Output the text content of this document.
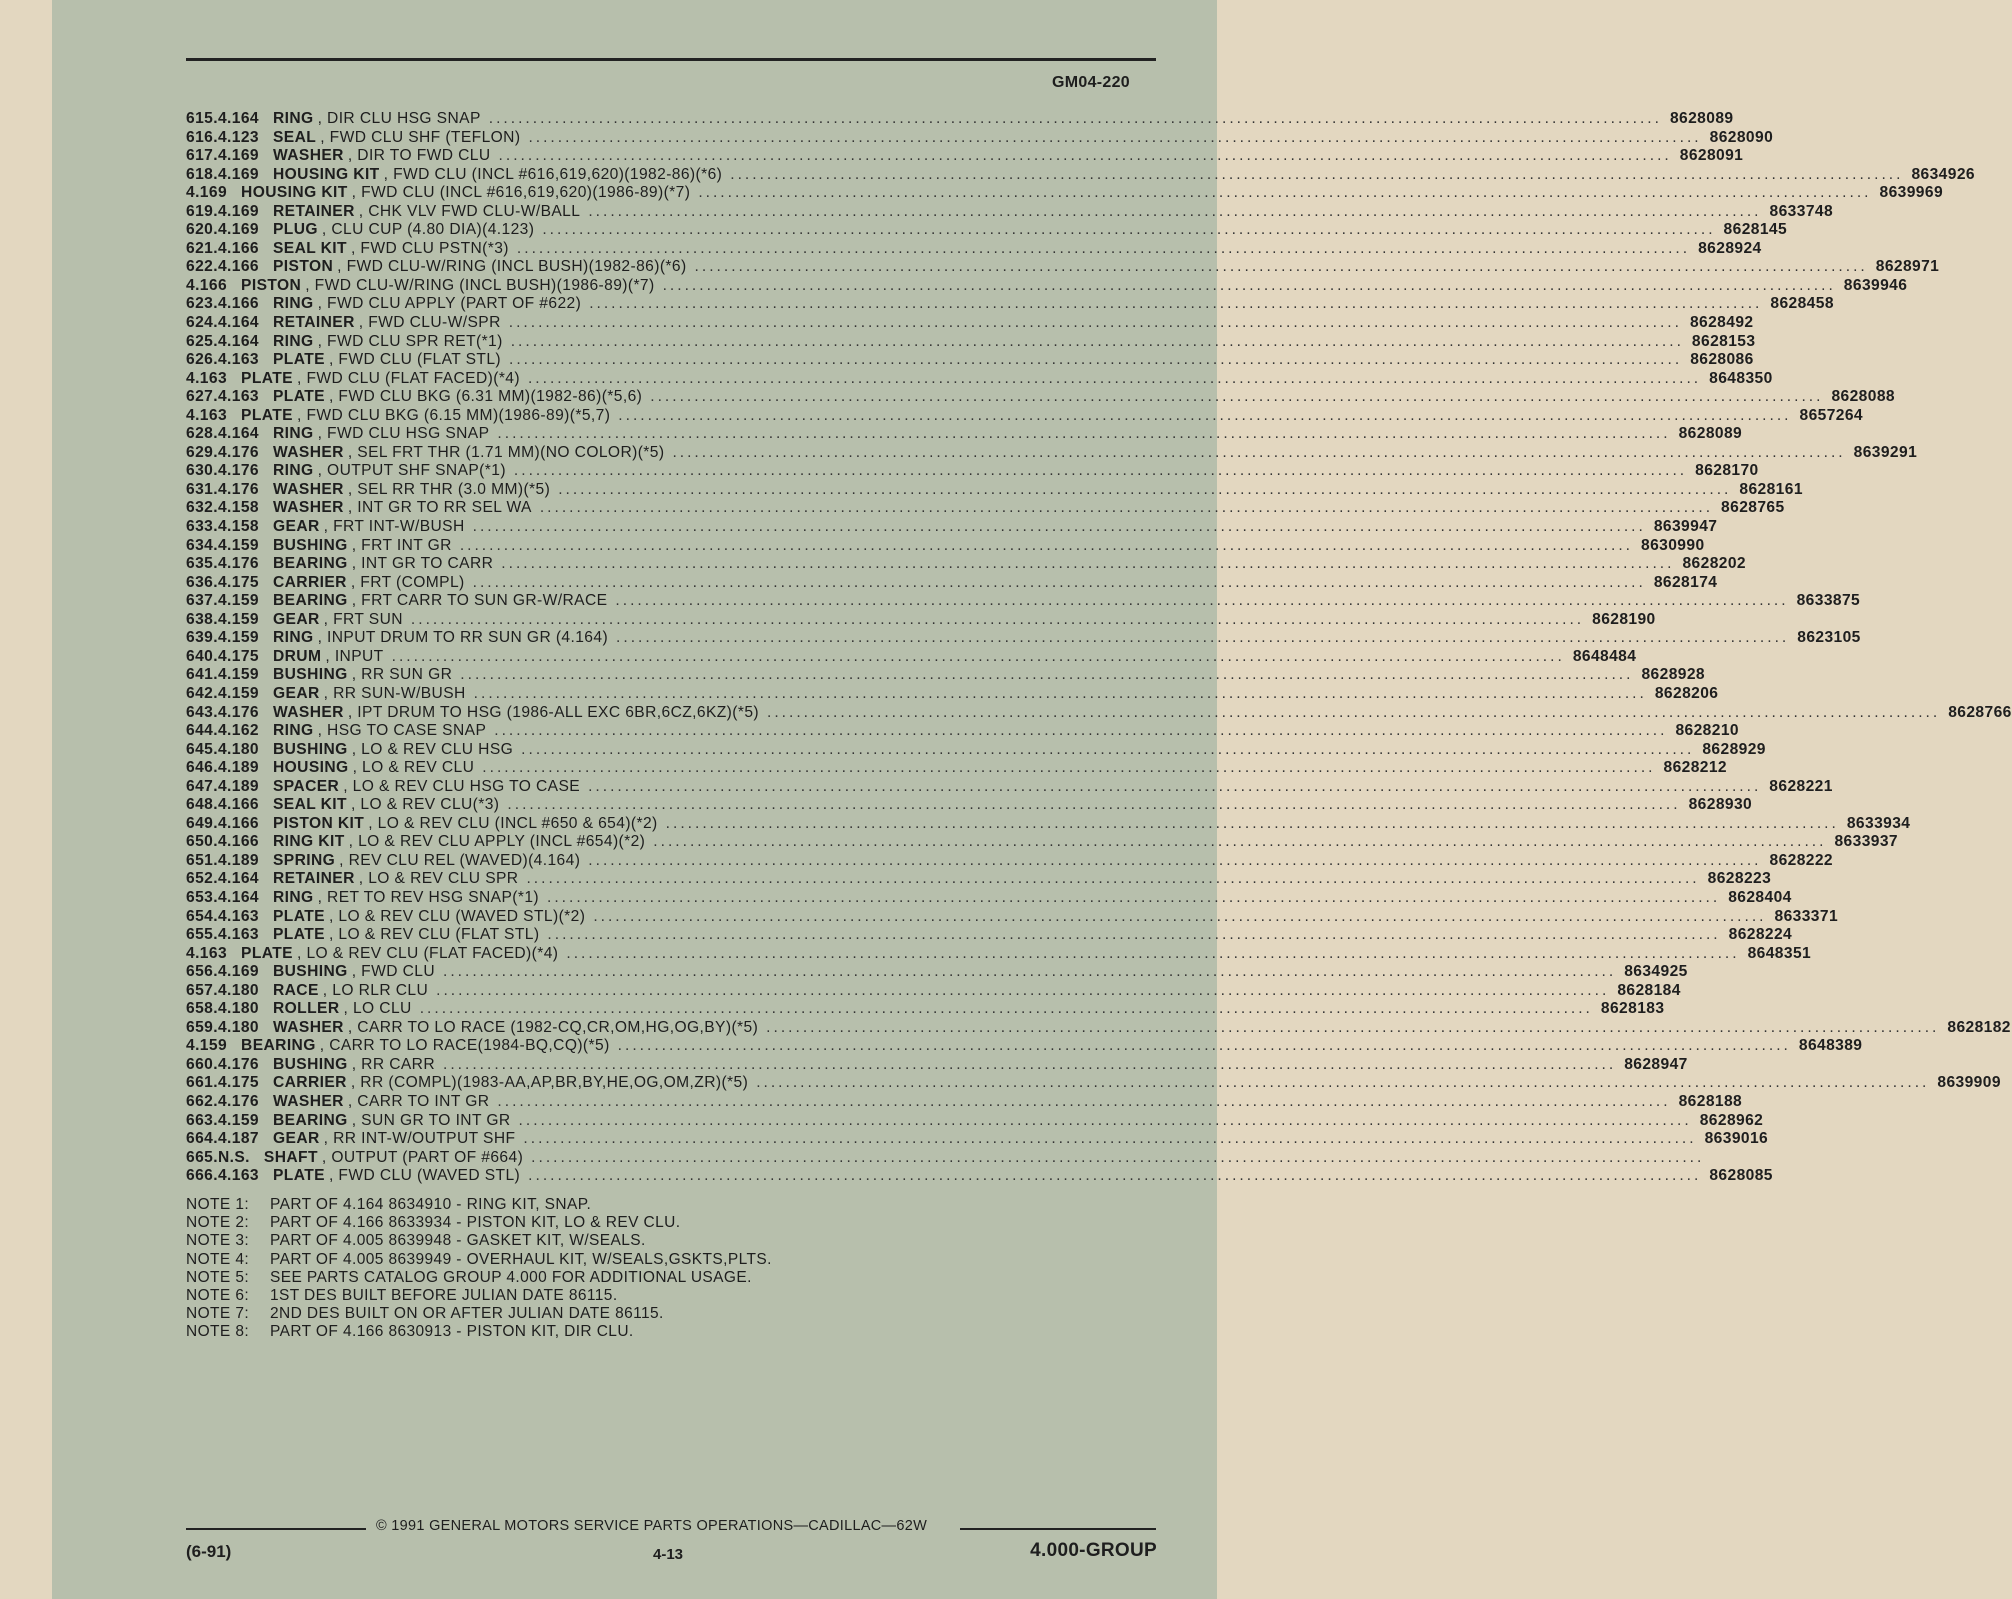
GM04-220
615. 4.164 RING , DIR CLU HSG SNAP ................................................................................................................................................................ 8628089
616. 4.123 SEAL , FWD CLU SHF (TEFLON) ................................................................................................................................................................ 8628090
617. 4.169 WASHER , DIR TO FWD CLU ................................................................................................................................................................ 8628091
618. 4.169 HOUSING KIT , FWD CLU (INCL #616,619,620)(1982-86)(*6) ................................................................................................................................................................ 8634926
4.169 HOUSING KIT , FWD CLU (INCL #616,619,620)(1986-89)(*7) ................................................................................................................................................................ 8639969
619. 4.169 RETAINER , CHK VLV FWD CLU-W/BALL ................................................................................................................................................................ 8633748
620. 4.169 PLUG , CLU CUP (4.80 DIA)(4.123) ................................................................................................................................................................ 8628145
621. 4.166 SEAL KIT , FWD CLU PSTN(*3) ................................................................................................................................................................ 8628924
622. 4.166 PISTON , FWD CLU-W/RING (INCL BUSH)(1982-86)(*6) ................................................................................................................................................................ 8628971
4.166 PISTON , FWD CLU-W/RING (INCL BUSH)(1986-89)(*7) ................................................................................................................................................................ 8639946
623. 4.166 RING , FWD CLU APPLY (PART OF #622) ................................................................................................................................................................ 8628458
624. 4.164 RETAINER , FWD CLU-W/SPR ................................................................................................................................................................ 8628492
625. 4.164 RING , FWD CLU SPR RET(*1) ................................................................................................................................................................ 8628153
626. 4.163 PLATE , FWD CLU (FLAT STL) ................................................................................................................................................................ 8628086
4.163 PLATE , FWD CLU (FLAT FACED)(*4) ................................................................................................................................................................ 8648350
627. 4.163 PLATE , FWD CLU BKG (6.31 MM)(1982-86)(*5,6) ................................................................................................................................................................ 8628088
4.163 PLATE , FWD CLU BKG (6.15 MM)(1986-89)(*5,7) ................................................................................................................................................................ 8657264
628. 4.164 RING , FWD CLU HSG SNAP ................................................................................................................................................................ 8628089
629. 4.176 WASHER , SEL FRT THR (1.71 MM)(NO COLOR)(*5) ................................................................................................................................................................ 8639291
630. 4.176 RING , OUTPUT SHF SNAP(*1) ................................................................................................................................................................ 8628170
631. 4.176 WASHER , SEL RR THR (3.0 MM)(*5) ................................................................................................................................................................ 8628161
632. 4.158 WASHER , INT GR TO RR SEL WA ................................................................................................................................................................ 8628765
633. 4.158 GEAR , FRT INT-W/BUSH ................................................................................................................................................................ 8639947
634. 4.159 BUSHING , FRT INT GR ................................................................................................................................................................ 8630990
635. 4.176 BEARING , INT GR TO CARR ................................................................................................................................................................ 8628202
636. 4.175 CARRIER , FRT (COMPL) ................................................................................................................................................................ 8628174
637. 4.159 BEARING , FRT CARR TO SUN GR-W/RACE ................................................................................................................................................................ 8633875
638. 4.159 GEAR , FRT SUN ................................................................................................................................................................ 8628190
639. 4.159 RING , INPUT DRUM TO RR SUN GR (4.164) ................................................................................................................................................................ 8623105
640. 4.175 DRUM , INPUT ................................................................................................................................................................ 8648484
641. 4.159 BUSHING , RR SUN GR ................................................................................................................................................................ 8628928
642. 4.159 GEAR , RR SUN-W/BUSH ................................................................................................................................................................ 8628206
643. 4.176 WASHER , IPT DRUM TO HSG (1986-ALL EXC 6BR,6CZ,6KZ)(*5) ................................................................................................................................................................ 8628766
644. 4.162 RING , HSG TO CASE SNAP ................................................................................................................................................................ 8628210
645. 4.180 BUSHING , LO & REV CLU HSG ................................................................................................................................................................ 8628929
646. 4.189 HOUSING , LO & REV CLU ................................................................................................................................................................ 8628212
647. 4.189 SPACER , LO & REV CLU HSG TO CASE ................................................................................................................................................................ 8628221
648. 4.166 SEAL KIT , LO & REV CLU(*3) ................................................................................................................................................................ 8628930
649. 4.166 PISTON KIT , LO & REV CLU (INCL #650 & 654)(*2) ................................................................................................................................................................ 8633934
650. 4.166 RING KIT , LO & REV CLU APPLY (INCL #654)(*2) ................................................................................................................................................................ 8633937
651. 4.189 SPRING , REV CLU REL (WAVED)(4.164) ................................................................................................................................................................ 8628222
652. 4.164 RETAINER , LO & REV CLU SPR ................................................................................................................................................................ 8628223
653. 4.164 RING , RET TO REV HSG SNAP(*1) ................................................................................................................................................................ 8628404
654. 4.163 PLATE , LO & REV CLU (WAVED STL)(*2) ................................................................................................................................................................ 8633371
655. 4.163 PLATE , LO & REV CLU (FLAT STL) ................................................................................................................................................................ 8628224
4.163 PLATE , LO & REV CLU (FLAT FACED)(*4) ................................................................................................................................................................ 8648351
656. 4.169 BUSHING , FWD CLU ................................................................................................................................................................ 8634925
657. 4.180 RACE , LO RLR CLU ................................................................................................................................................................ 8628184
658. 4.180 ROLLER , LO CLU ................................................................................................................................................................ 8628183
659. 4.180 WASHER , CARR TO LO RACE (1982-CQ,CR,OM,HG,OG,BY)(*5) ................................................................................................................................................................ 8628182
4.159 BEARING , CARR TO LO RACE(1984-BQ,CQ)(*5) ................................................................................................................................................................ 8648389
660. 4.176 BUSHING , RR CARR ................................................................................................................................................................ 8628947
661. 4.175 CARRIER , RR (COMPL)(1983-AA,AP,BR,BY,HE,OG,OM,ZR)(*5) ................................................................................................................................................................ 8639909
662. 4.176 WASHER , CARR TO INT GR ................................................................................................................................................................ 8628188
663. 4.159 BEARING , SUN GR TO INT GR ................................................................................................................................................................ 8628962
664. 4.187 GEAR , RR INT-W/OUTPUT SHF ................................................................................................................................................................ 8639016
665. N.S. SHAFT , OUTPUT (PART OF #664) ................................................................................................................................................................
666. 4.163 PLATE , FWD CLU (WAVED STL) ................................................................................................................................................................ 8628085
NOTE 1: PART OF 4.164 8634910 - RING KIT, SNAP.
NOTE 2: PART OF 4.166 8633934 - PISTON KIT, LO & REV CLU.
NOTE 3: PART OF 4.005 8639948 - GASKET KIT, W/SEALS.
NOTE 4: PART OF 4.005 8639949 - OVERHAUL KIT, W/SEALS,GSKTS,PLTS.
NOTE 5: SEE PARTS CATALOG GROUP 4.000 FOR ADDITIONAL USAGE.
NOTE 6: 1ST DES BUILT BEFORE JULIAN DATE 86115.
NOTE 7: 2ND DES BUILT ON OR AFTER JULIAN DATE 86115.
NOTE 8: PART OF 4.166 8630913 - PISTON KIT, DIR CLU.
© 1991 GENERAL MOTORS SERVICE PARTS OPERATIONS—CADILLAC—62W
(6-91)	4-13	4.000-GROUP
